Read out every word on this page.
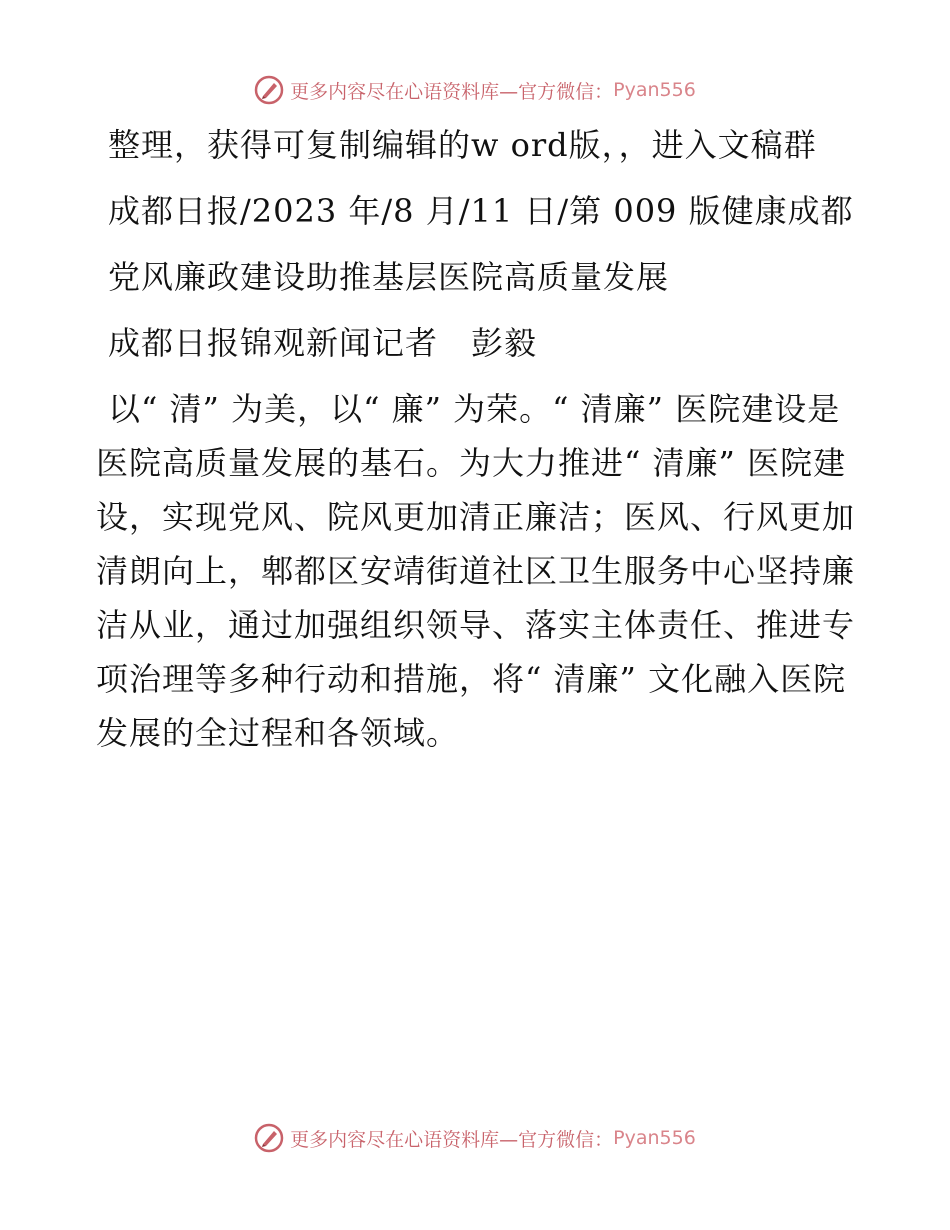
更多内容尽在心语资料库—官方微信： Pyan556

整理，获得可复制编辑的w ord版，，进入文稿群

成都日报/2023 年/8 月/11 日/第 009 版健康成都

党风廉政建设助推基层医院高质量发展

成都日报锦观新闻记者　彭毅

以“ 清” 为美，以“ 廉” 为荣。“ 清廉” 医院建设是医院高质量发展的基石。为大力推进“ 清廉” 医院建设，实现党风、院风更加清正廉洁；医风、行风更加清朗向上，郫都区安靖街道社区卫生服务中心坚持廉洁从业，通过加强组织领导、落实主体责任、推进专项治理等多种行动和措施，将“ 清廉” 文化融入医院发展的全过程和各领域。

更多内容尽在心语资料库—官方微信： Pyan556
